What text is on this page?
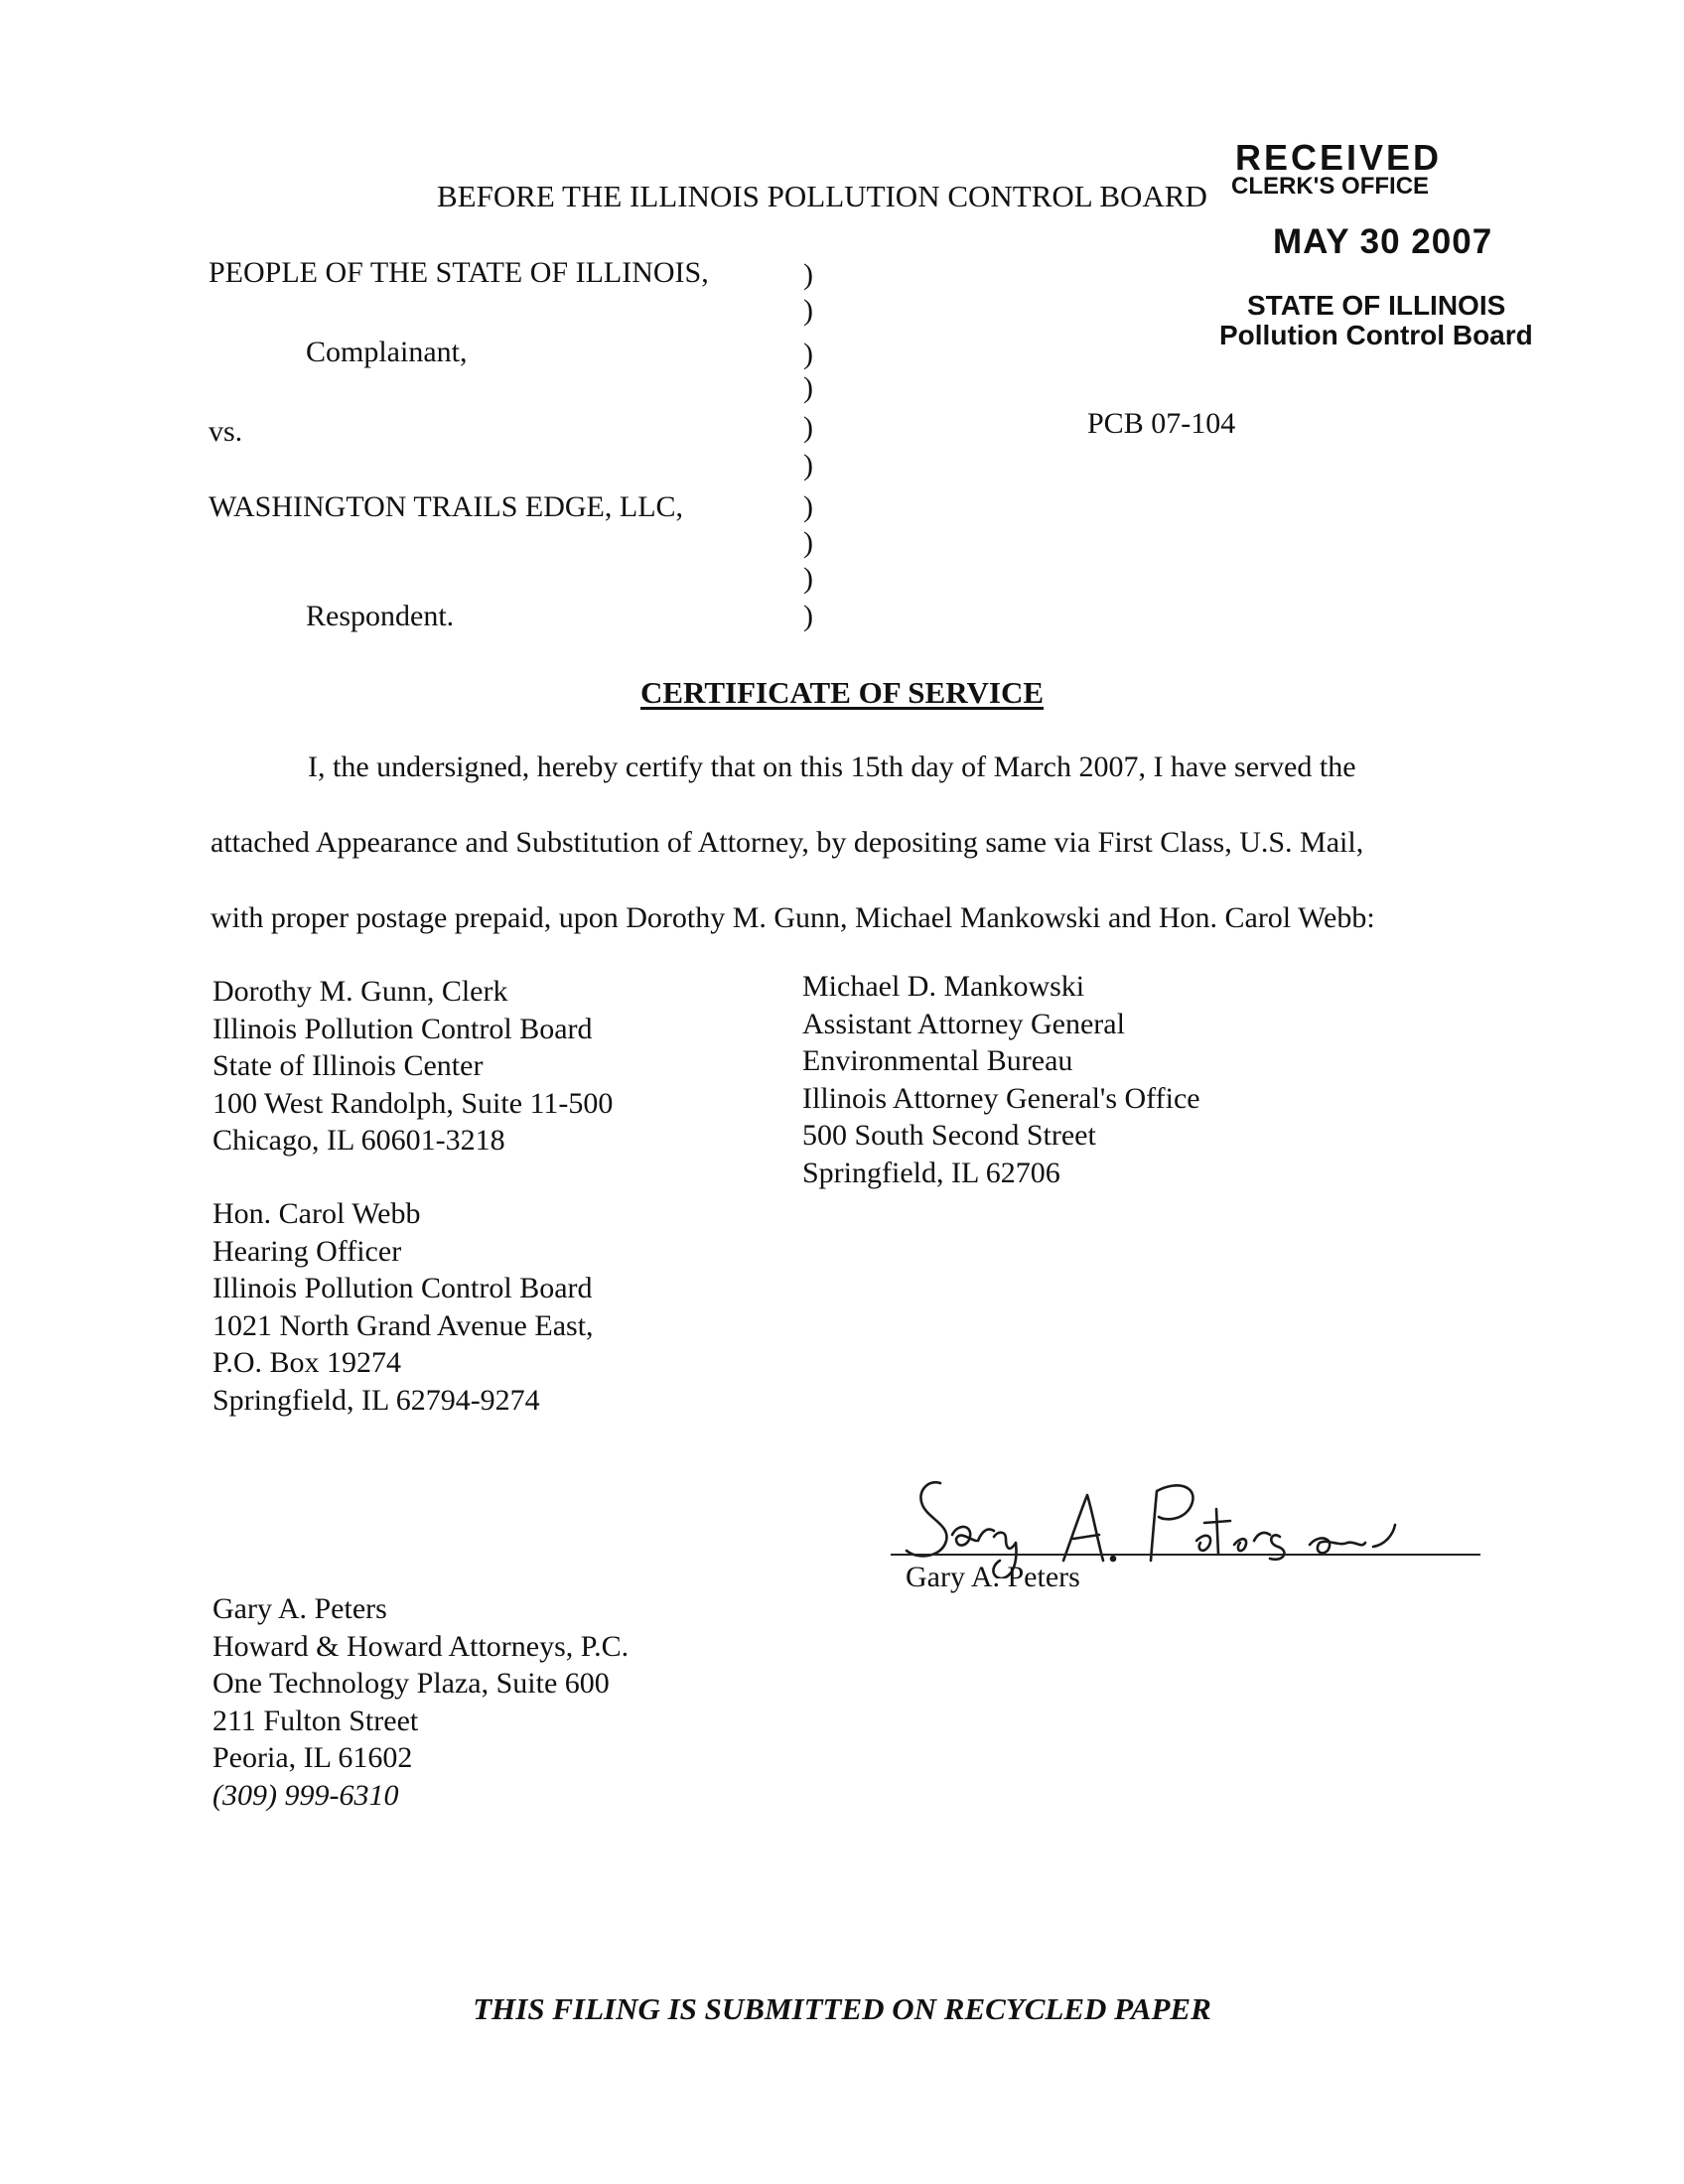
RECEIVED
CLERK'S OFFICE
MAY 30 2007
STATE OF ILLINOIS
Pollution Control Board
BEFORE THE ILLINOIS POLLUTION CONTROL BOARD
PEOPLE OF THE STATE OF ILLINOIS,
Complainant,
vs.
WASHINGTON TRAILS EDGE, LLC,
Respondent.
PCB 07-104
)
)
)
)
)
)
)
)
)
)
CERTIFICATE OF SERVICE
I, the undersigned, hereby certify that on this 15th day of March 2007, I have served the
attached Appearance and Substitution of Attorney, by depositing same via First Class, U.S. Mail,
with proper postage prepaid, upon Dorothy M. Gunn, Michael Mankowski and Hon. Carol Webb:
Dorothy M. Gunn, Clerk
Illinois Pollution Control Board
State of Illinois Center
100 West Randolph, Suite 11-500
Chicago, IL 60601-3218
Michael D. Mankowski
Assistant Attorney General
Environmental Bureau
Illinois Attorney General's Office
500 South Second Street
Springfield, IL 62706
Hon. Carol Webb
Hearing Officer
Illinois Pollution Control Board
1021 North Grand Avenue East,
P.O. Box 19274
Springfield, IL 62794-9274
Gary A. Peters
Gary A. Peters
Howard & Howard Attorneys, P.C.
One Technology Plaza, Suite 600
211 Fulton Street
Peoria, IL 61602
(309) 999-6310
THIS FILING IS SUBMITTED ON RECYCLED PAPER
